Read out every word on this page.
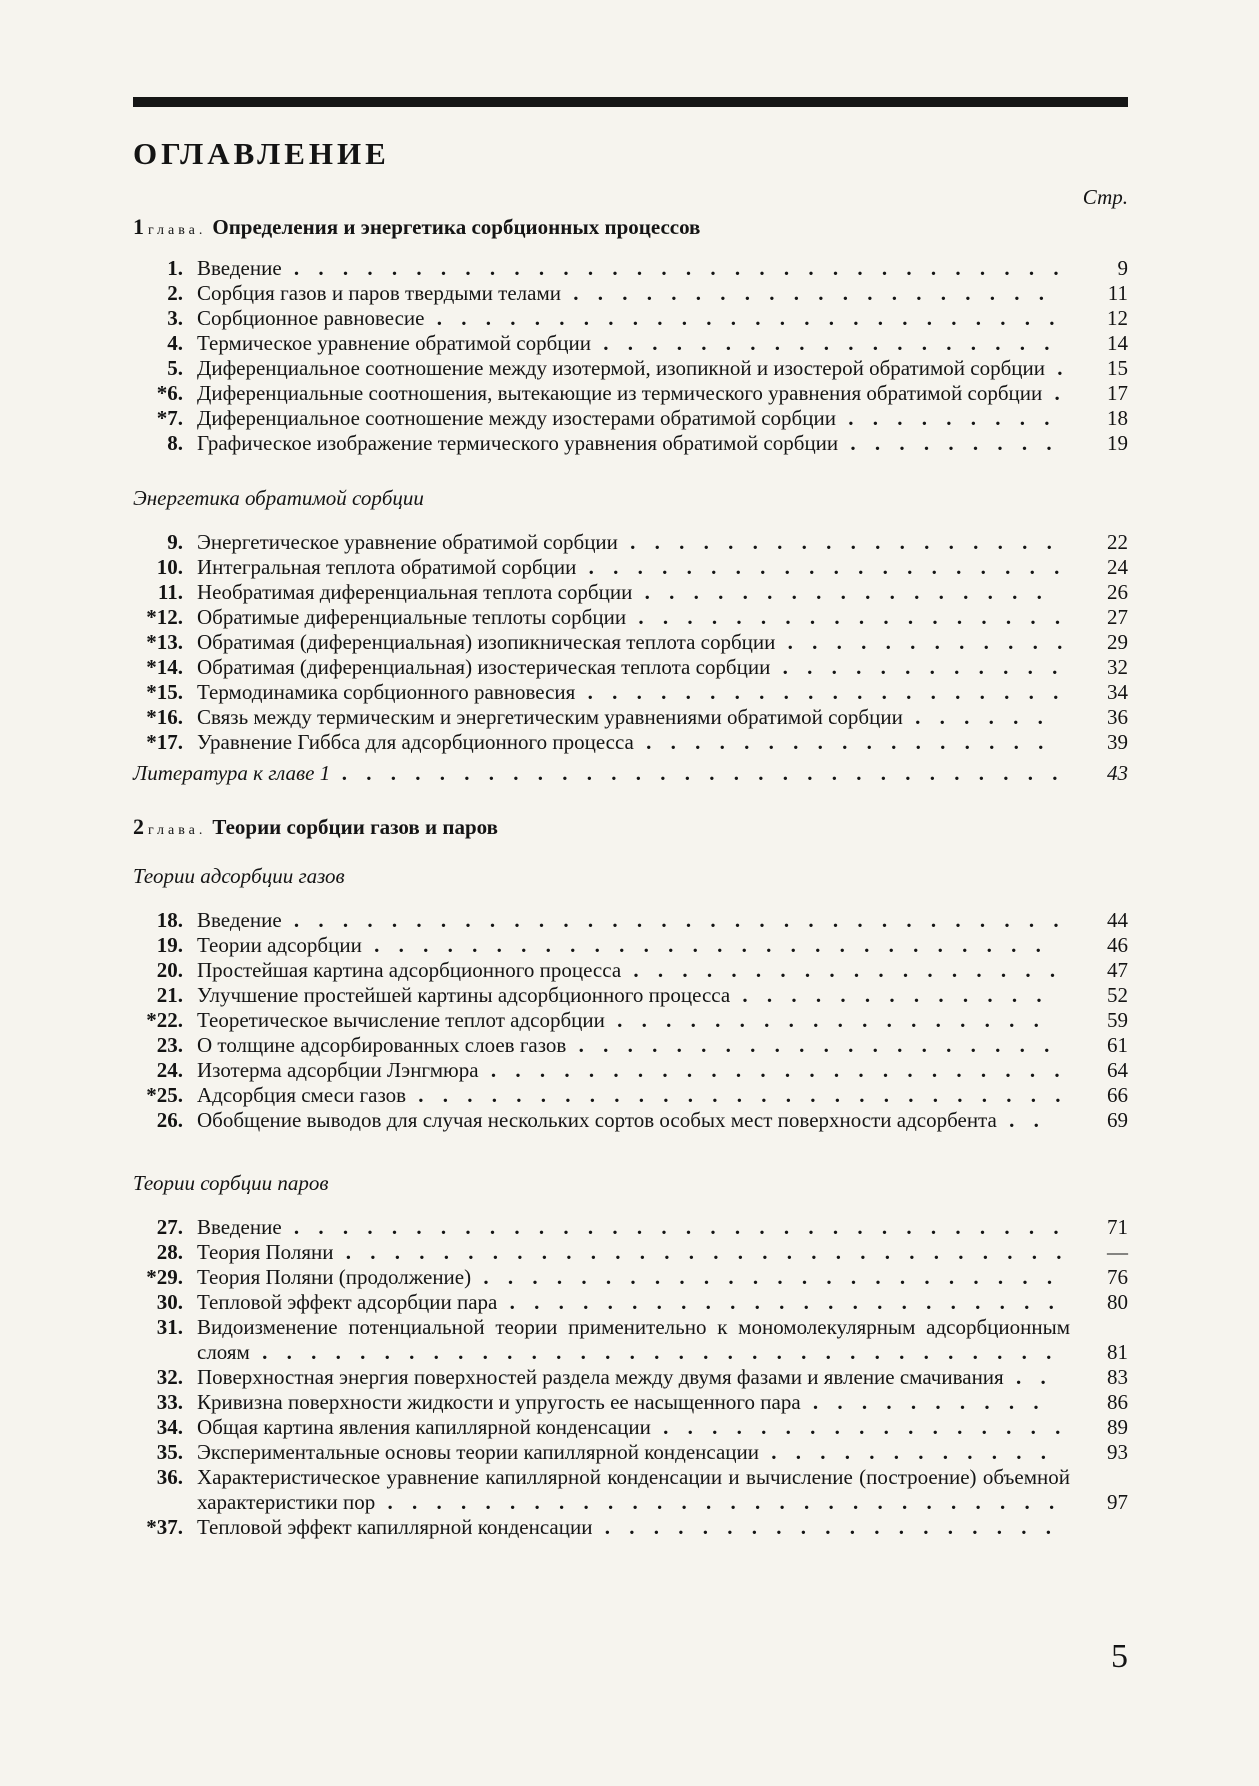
ОГЛАВЛЕНИЕ
Стр.
1 глава. Определения и энергетика сорбционных процессов
1. Введение . . . . . . . . . . . . . . . . . . . . . . . . . . . . . . . .	9
2. Сорбция газов и паров твердыми телами . . . . . . . . . . . . . . . . . . . .	11
3. Сорбционное равновесие . . . . . . . . . . . . . . . . . . . . . . . . . .	12
4. Термическое уравнение обратимой сорбции . . . . . . . . . . . . . . . . . . .	14
5. Диференциальное соотношение между изотермой, изопикной и изостерой обратимой сорбции .	15
*6. Диференциальные соотношения, вытекающие из термического уравнения обратимой сорбции .	17
*7. Диференциальное соотношение между изостерами обратимой сорбции . . . . . . . . .	18
8. Графическое изображение термического уравнения обратимой сорбции . . . . . . . . .	19
Энергетика обратимой сорбции
9. Энергетическое уравнение обратимой сорбции . . . . . . . . . . . . . . . . . .	22
10. Интегральная теплота обратимой сорбции . . . . . . . . . . . . . . . . . . . .	24
11. Необратимая диференциальная теплота сорбции . . . . . . . . . . . . . . . . .	26
*12. Обратимые диференциальные теплоты сорбции . . . . . . . . . . . . . . . . . .	27
*13. Обратимая (диференциальная) изопикническая теплота сорбции . . . . . . . . . . . .	29
*14. Обратимая (диференциальная) изостерическая теплота сорбции . . . . . . . . . . . .	32
*15. Термодинамика сорбционного равновесия . . . . . . . . . . . . . . . . . . . .	34
*16. Связь между термическим и энергетическим уравнениями обратимой сорбции . . . . . .	36
*17. Уравнение Гиббса для адсорбционного процесса . . . . . . . . . . . . . . . . .	39
Литература к главе 1 . . . . . . . . . . . . . . . . . . . . . . . . . . . . . .	43
2 глава. Теории сорбции газов и паров
Теории адсорбции газов
18. Введение . . . . . . . . . . . . . . . . . . . . . . . . . . . . . . . .	44
19. Теории адсорбции . . . . . . . . . . . . . . . . . . . . . . . . . . . .	46
20. Простейшая картина адсорбционного процесса . . . . . . . . . . . . . . . . . .	47
21. Улучшение простейшей картины адсорбционного процесса . . . . . . . . . . . . .	52
*22. Теоретическое вычисление теплот адсорбции . . . . . . . . . . . . . . . . . .	59
23. О толщине адсорбированных слоев газов . . . . . . . . . . . . . . . . . . . .	61
24. Изотерма адсорбции Лэнгмюра . . . . . . . . . . . . . . . . . . . . . . . .	64
*25. Адсорбция смеси газов . . . . . . . . . . . . . . . . . . . . . . . . . . .	66
26. Обобщение выводов для случая нескольких сортов особых мест поверхности адсорбента . .	69
Теории сорбции паров
27. Введение . . . . . . . . . . . . . . . . . . . . . . . . . . . . . . . .	71
28. Теория Поляни . . . . . . . . . . . . . . . . . . . . . . . . . . . . . .	—
*29. Теория Поляни (продолжение) . . . . . . . . . . . . . . . . . . . . . . . .	76
30. Тепловой эффект адсорбции пара . . . . . . . . . . . . . . . . . . . . . . .	80
31. Видоизменение потенциальной теории применительно к мономолекулярным адсорбционным слоям . . . . . . . . . . . . . . . . . . . . . . . . . . . . . . . . .	81
32. Поверхностная энергия поверхностей раздела между двумя фазами и явление смачивания . .	83
33. Кривизна поверхности жидкости и упругость ее насыщенного пара . . . . . . . . . .	86
34. Общая картина явления капиллярной конденсации . . . . . . . . . . . . . . . . .	89
35. Экспериментальные основы теории капиллярной конденсации . . . . . . . . . . . .	93
36. Характеристическое уравнение капиллярной конденсации и вычисление (построение) объемной характеристики пор . . . . . . . . . . . . . . . . . . . . . . . . . . . .	97
*37. Тепловой эффект капиллярной конденсации . . . . . . . . . . . . . . . . . . .
5
